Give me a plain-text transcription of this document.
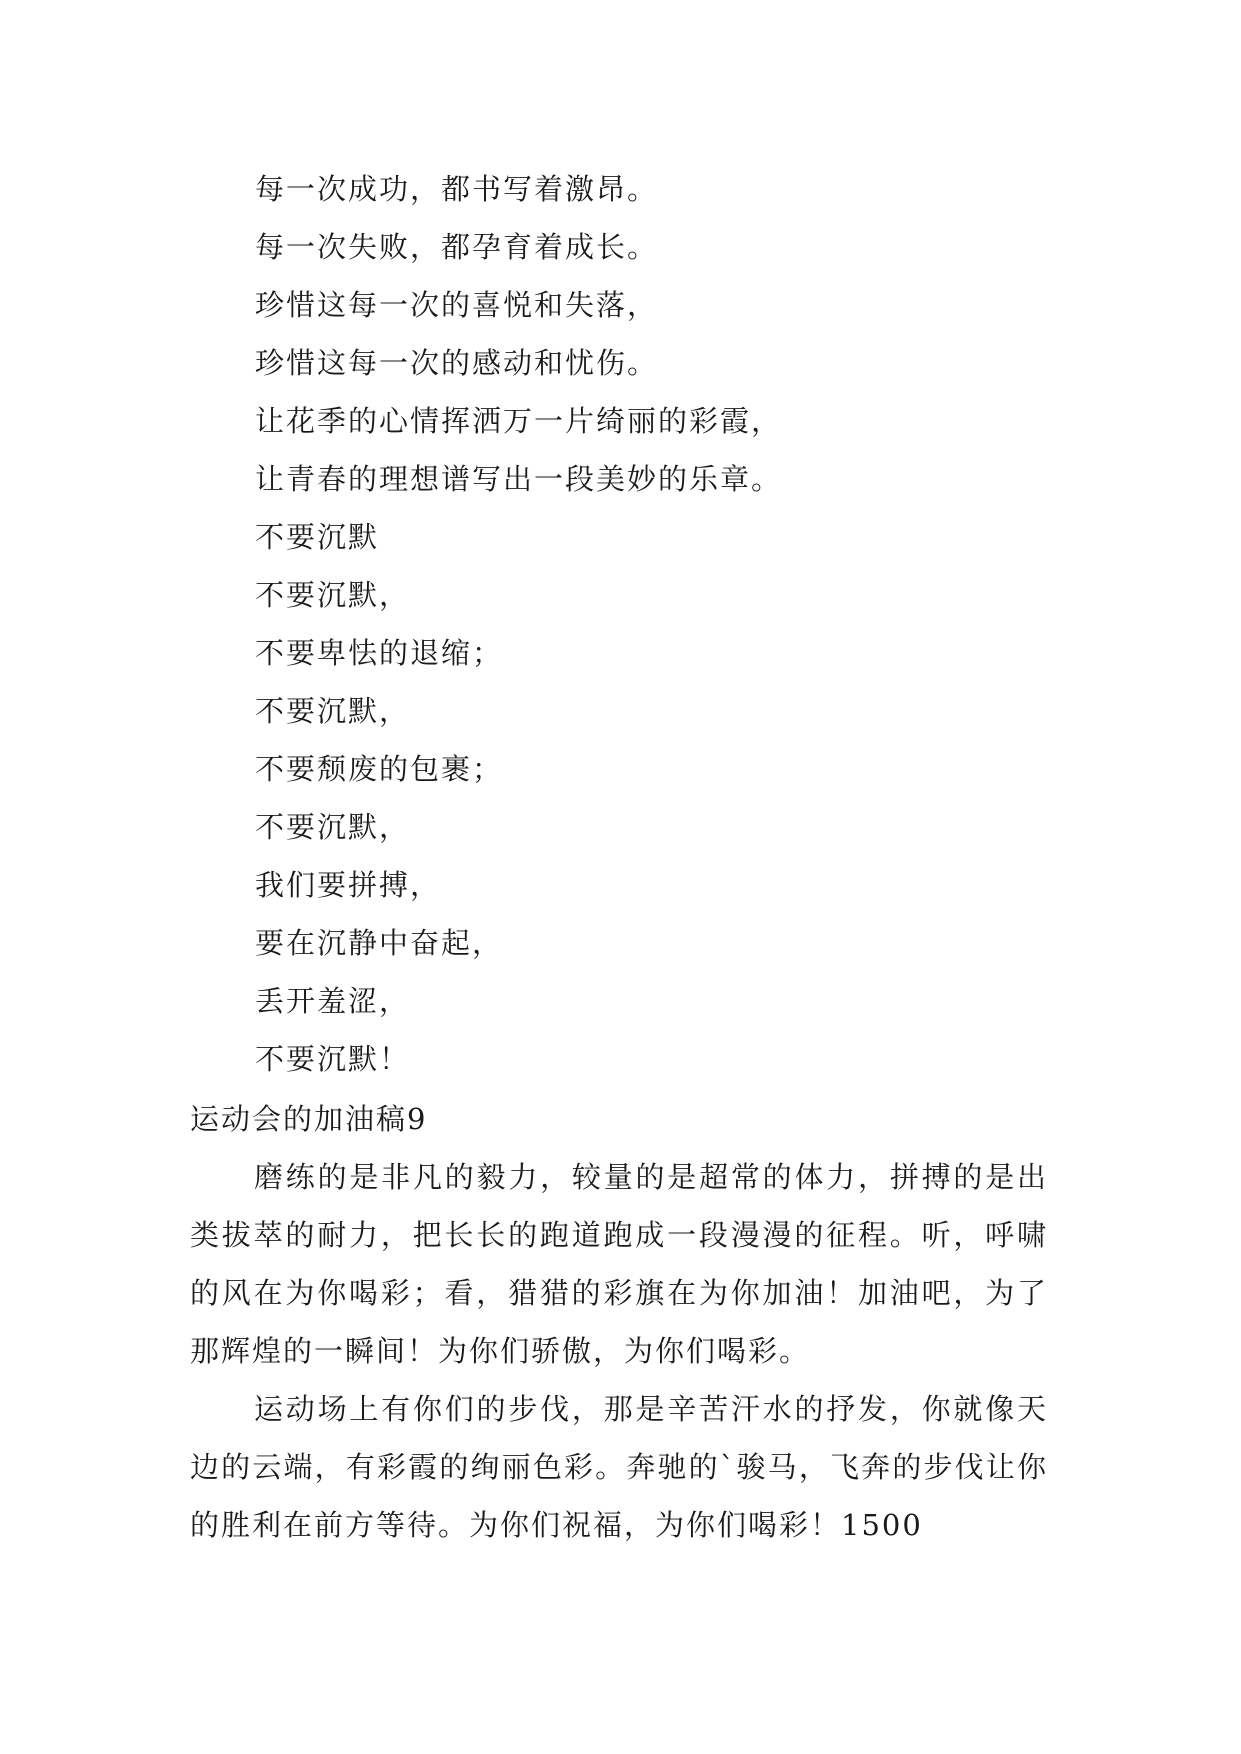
每一次成功，都书写着激昂。
每一次失败，都孕育着成长。
珍惜这每一次的喜悦和失落，
珍惜这每一次的感动和忧伤。
让花季的心情挥洒万一片绮丽的彩霞，
让青春的理想谱写出一段美妙的乐章。
不要沉默
不要沉默，
不要卑怯的退缩；
不要沉默，
不要颓废的包裹；
不要沉默，
我们要拼搏，
要在沉静中奋起，
丢开羞涩，
不要沉默！
运动会的加油稿9

磨练的是非凡的毅力，较量的是超常的体力，拼搏的是出类拔萃的耐力，把长长的跑道跑成一段漫漫的征程。听，呼啸的风在为你喝彩；看，猎猎的彩旗在为你加油！加油吧，为了那辉煌的一瞬间！为你们骄傲，为你们喝彩。

运动场上有你们的步伐，那是辛苦汗水的抒发，你就像天边的云端，有彩霞的绚丽色彩。奔驰的`骏马，飞奔的步伐让你的胜利在前方等待。为你们祝福，为你们喝彩！1500
